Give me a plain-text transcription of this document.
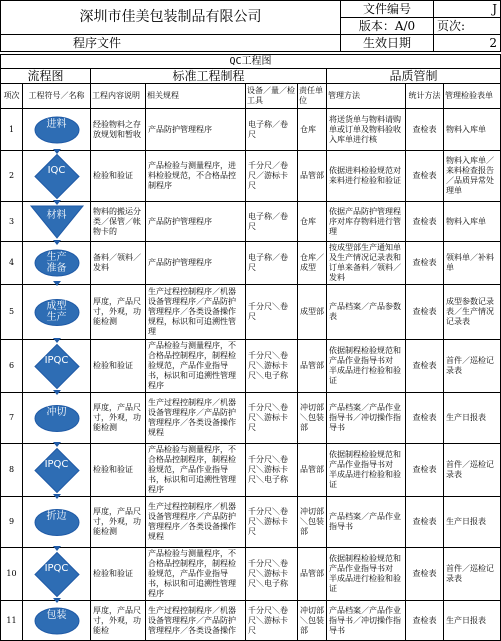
深圳市佳美包装制品有限公司	文件编号	J
	版本：A/0	页次:
程序文件	生效日期	2
QC工程图								
流程图		标准工程制程				品质管制		
项次	工程符号／名称	工程内容说明	相关规程	设备／量／检工具	责任单位	管理方法	统计方法	管理检验表单
1	进料	经验物料之存放规划和暂收	产品防护管理程序	电子称／卷尺	仓库	将送货单与物料请购单或订单及物料验收入库单进行核	查检表	物料入库单
2	IQC	检验和验证	产品检验与测量程序，进料检验规范，不合格品控制程序	千分尺／卷尺／游标卡尺	品管部	依据进料检验规范对 来料进行检验和验证	查检表	物料入库单／来料检查报告／品质异常处理单
3	材料	物料的搬运分类／保管／帐物卡的	产品防护管理程序	电子称／卷尺	仓库	依据产品防护管理程序对库存物料进行管理	查检表	物料入库单
4	生产准备	备料／领料／发料	产品防护管理程序	电子称／卷尺	仓库／成型	按成型部生产通知单及生产情况记录表和订单来备料／领料／发料	查检表	领料单／补料单
5	成型生产	厚度，产品尺寸，外观，功能检测	生产过程控制程序／机器设备管理程序／产品防护管理程序／各类设备操作规程，标识和可追溯性管理	千分尺＼卷尺	成型部	产品档案／产品参数表	查检表	成型参数记录表／生产情况记录表
6	IPQC	检验和验证	产品检验与测量程序，不合格品控制程序，制程检验规范，产品作业指导书，标识和可追溯性管理程序	千分尺＼卷尺＼游标卡尺＼电子称	品管部	依据制程检验规范和产品作业指导书对 半成品进行检验和验证	查检表	首件／巡检记录表
7	冲切	厚度，产品尺寸，外观，功能检测	生产过程控制程序／机器设备管理程序／产品防护管理程序／各类设备操作规程	千分尺＼卷尺＼游标卡尺	冲切部＼包装部	产品档案／产品作业指导书／冲切操作指导书	查检表	生产日报表
8	IPQC	检验和验证	产品检验与测量程序，不合格品控制程序，制程检验规范，产品作业指导书，标识和可追溯性管理程序	千分尺＼卷尺＼游标卡尺＼电子称	品管部	依据制程检验规范和产品作业指导书对 半成品进行检验和验证	查检表	首件／巡检记录表
9	折边	厚度，产品尺寸，外观，功能检测	生产过程控制程序／机器设备管理程序／产品防护管理程序／各类设备操作规程	千分尺＼卷尺＼游标卡尺	冲切部＼包装部	产品档案／产品作业指导书	查检表	生产日报表
10	IPQC	检验和验证	产品检验与测量程序，不合格品控制程序，制程检验规范，产品作业指导书，标识和可追溯性管理程序	千分尺＼卷尺＼游标卡尺＼电子称	品管部	依据制程检验规范和产品作业指导书对 半成品进行检验和验证	查检表	首件／巡检记录表
11	包装	厚度，产品尺寸，外观，功能检	生产过程控制程序／机器设备管理程序／产品防护管理程序／各类设备操作	千分尺＼卷尺＼游标卡尺	冲切部＼包装部	产品档案／产品作业指导书／冲切操作指导书	查检表	生产日报表
